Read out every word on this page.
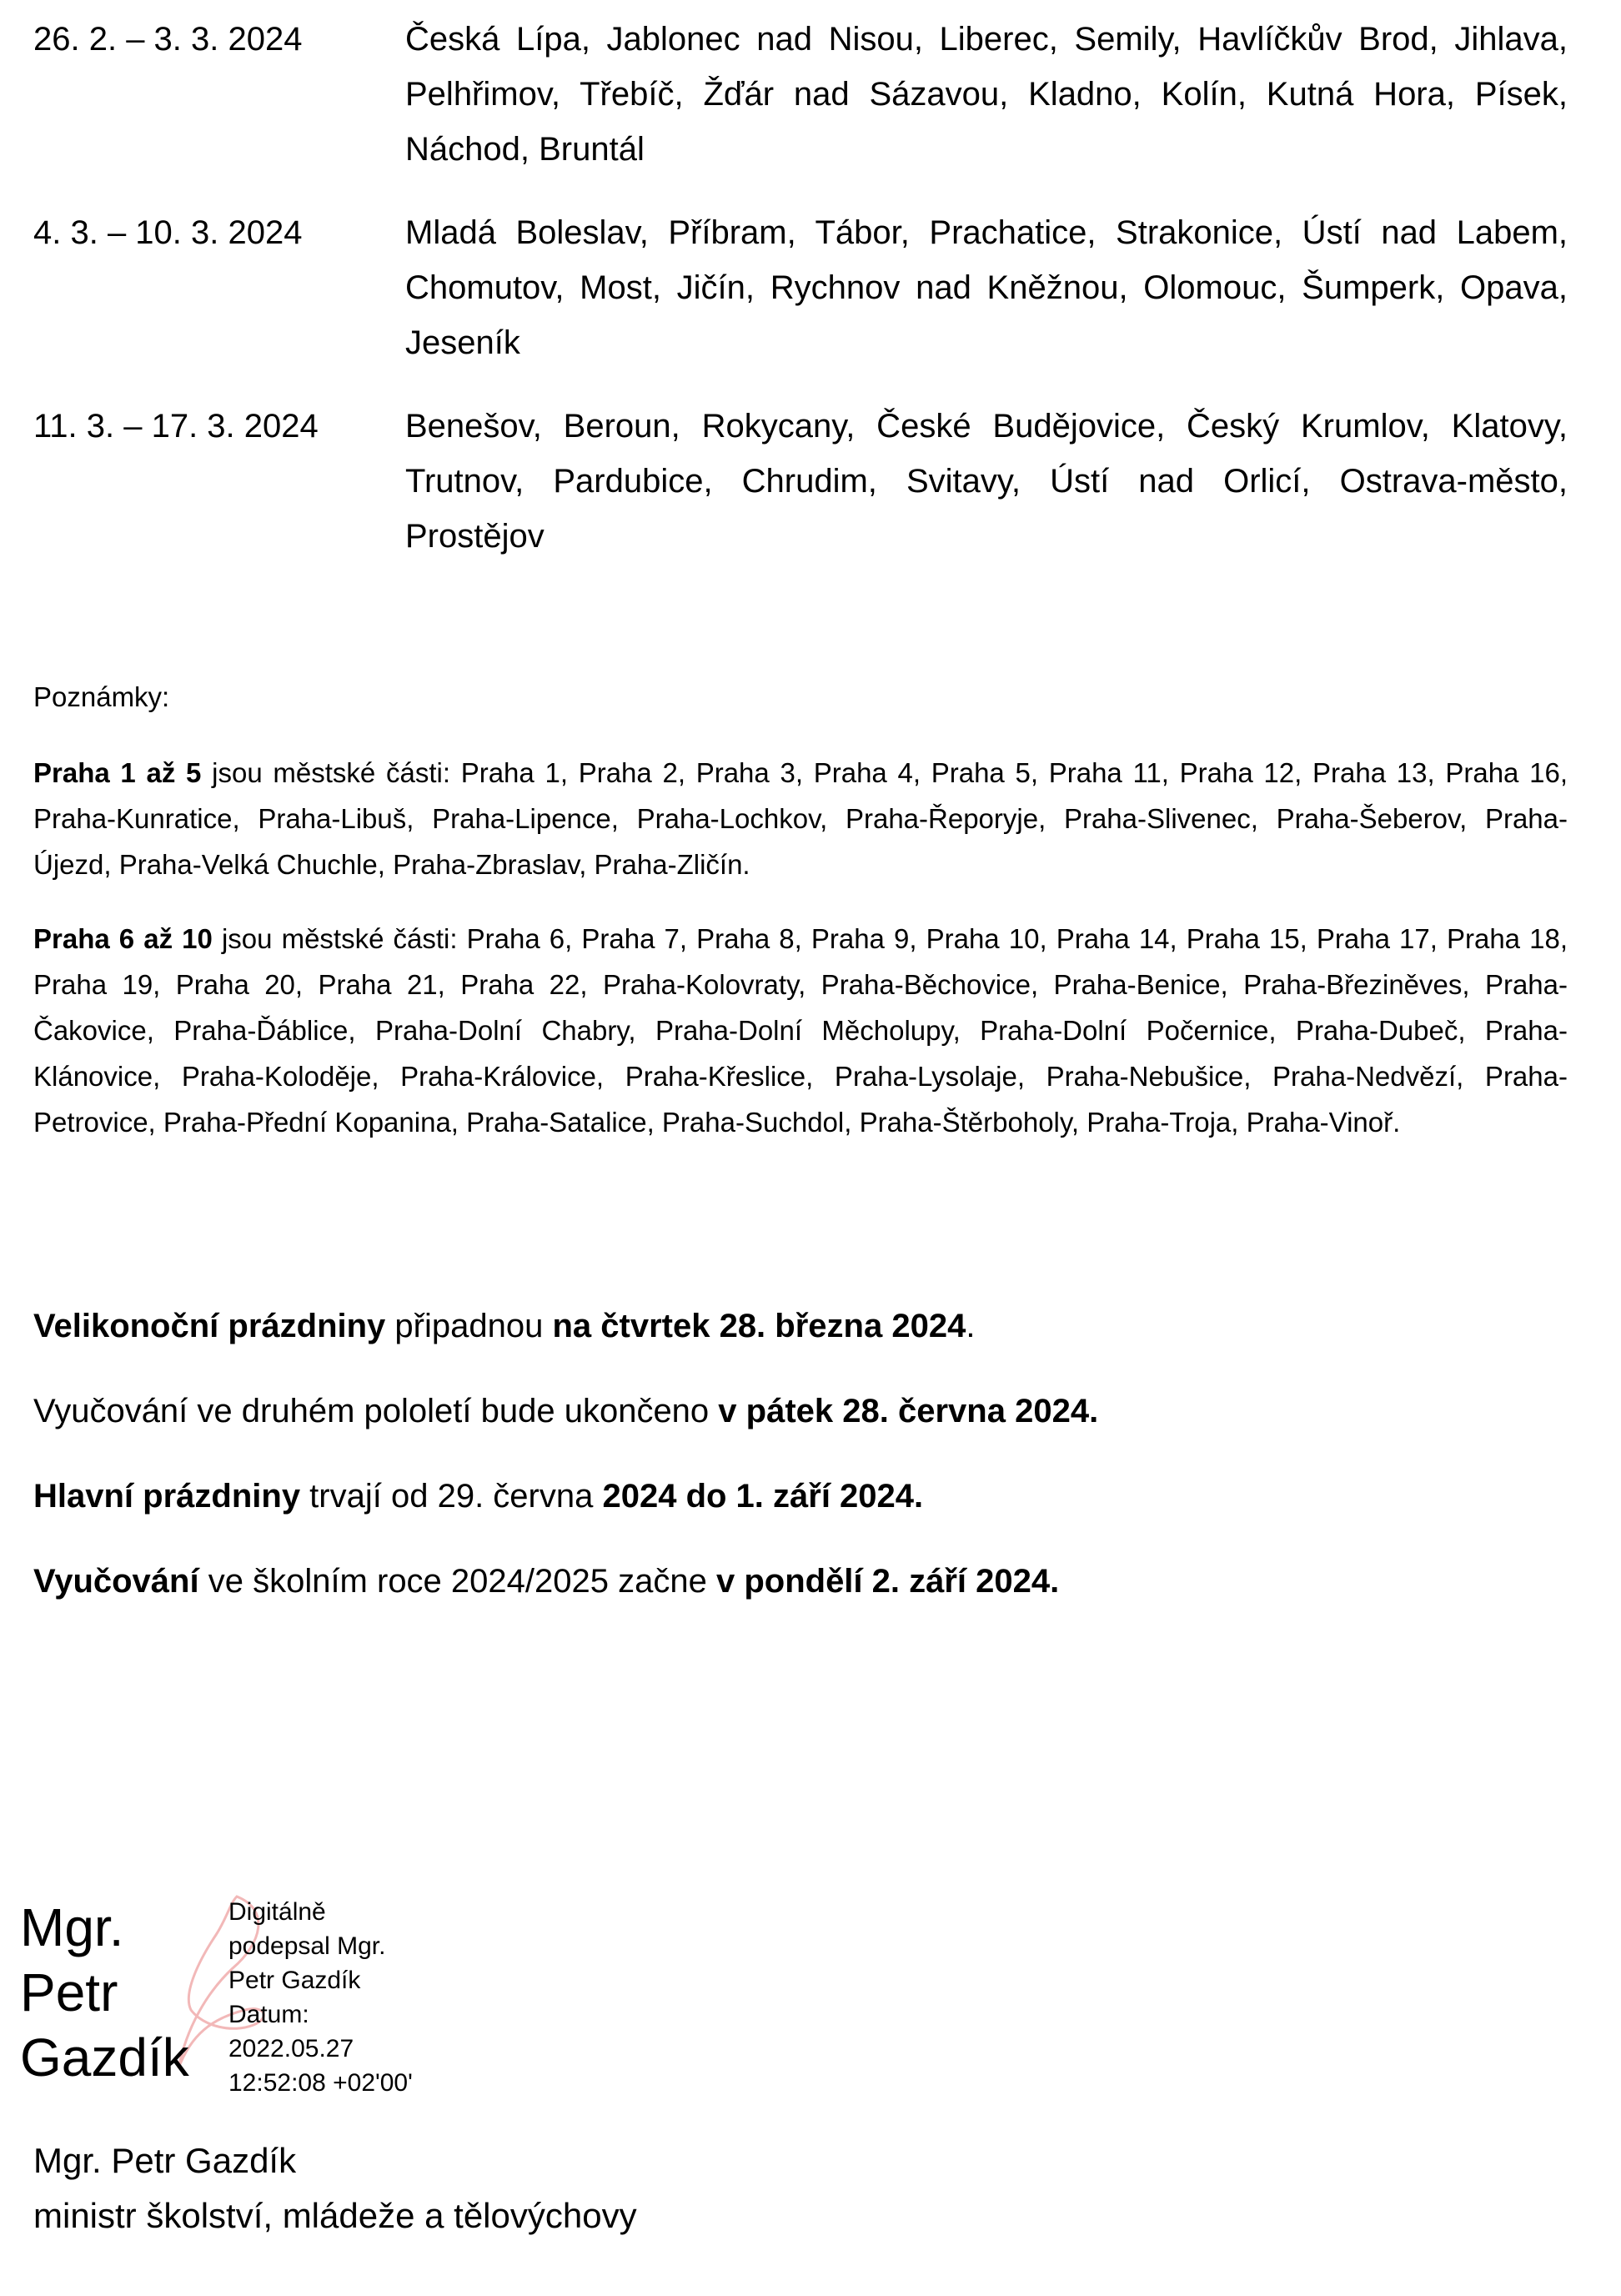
26. 2. – 3. 3. 2024	Česká Lípa, Jablonec nad Nisou, Liberec, Semily, Havlíčkův Brod, Jihlava, Pelhřimov, Třebíč, Žďár nad Sázavou, Kladno, Kolín, Kutná Hora, Písek, Náchod, Bruntál
4. 3. – 10. 3. 2024	Mladá Boleslav, Příbram, Tábor, Prachatice, Strakonice, Ústí nad Labem, Chomutov, Most, Jičín, Rychnov nad Kněžnou, Olomouc, Šumperk, Opava, Jeseník
11. 3. – 17. 3. 2024	Benešov, Beroun, Rokycany, České Budějovice, Český Krumlov, Klatovy, Trutnov, Pardubice, Chrudim, Svitavy, Ústí nad Orlicí, Ostrava-město, Prostějov

Poznámky:

Praha 1 až 5 jsou městské části: Praha 1, Praha 2, Praha 3, Praha 4, Praha 5, Praha 11, Praha 12, Praha 13, Praha 16, Praha-Kunratice, Praha-Libuš, Praha-Lipence, Praha-Lochkov, Praha-Řeporyje, Praha-Slivenec, Praha-Šeberov, Praha-Újezd, Praha-Velká Chuchle, Praha-Zbraslav, Praha-Zličín.

Praha 6 až 10 jsou městské části: Praha 6, Praha 7, Praha 8, Praha 9, Praha 10, Praha 14, Praha 15, Praha 17, Praha 18, Praha 19, Praha 20, Praha 21, Praha 22, Praha-Kolovraty, Praha-Běchovice, Praha-Benice, Praha-Březiněves, Praha-Čakovice, Praha-Ďáblice, Praha-Dolní Chabry, Praha-Dolní Měcholupy, Praha-Dolní Počernice, Praha-Dubeč, Praha-Klánovice, Praha-Koloděje, Praha-Královice, Praha-Křeslice, Praha-Lysolaje, Praha-Nebušice, Praha-Nedvězí, Praha-Petrovice, Praha-Přední Kopanina, Praha-Satalice, Praha-Suchdol, Praha-Štěrboholy, Praha-Troja, Praha-Vinoř.

Velikonoční prázdniny připadnou na čtvrtek 28. března 2024.

Vyučování ve druhém pololetí bude ukončeno v pátek 28. června 2024.

Hlavní prázdniny trvají od 29. června 2024 do 1. září 2024.

Vyučování ve školním roce 2024/2025 začne v pondělí 2. září 2024.

Mgr.
Petr
Gazdík
Digitálně
podepsal Mgr.
Petr Gazdík
Datum:
2022.05.27
12:52:08 +02'00'
Mgr. Petr Gazdík
ministr školství, mládeže a tělovýchovy
